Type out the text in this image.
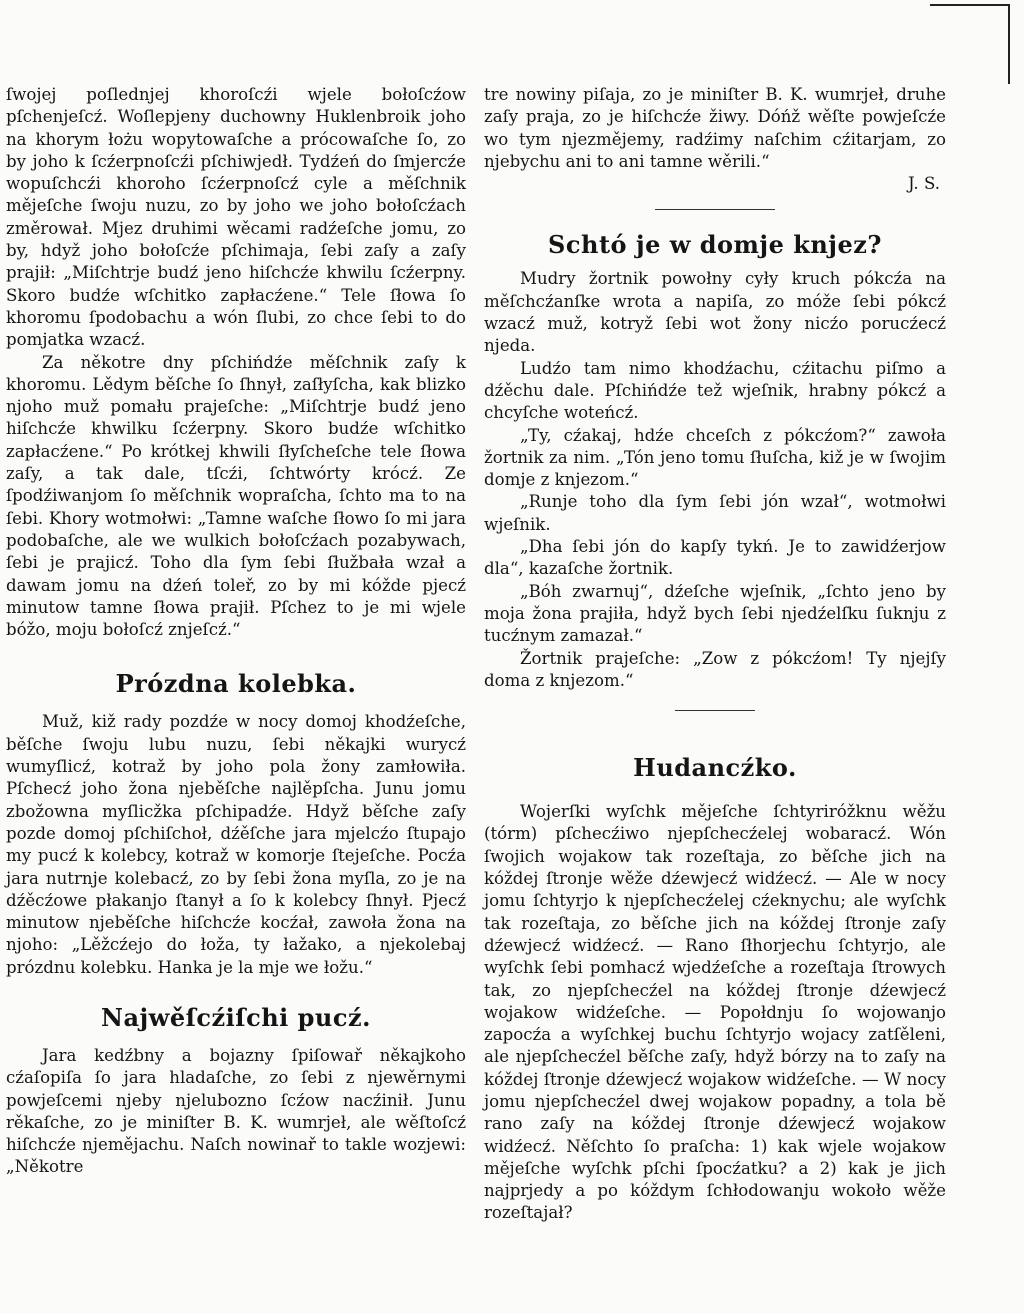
ſwojej poſlednjej khoroſcźi wjele bołoſcźow pſchenjeſcź. Woſlepjeny duchowny Huklenbroik joho na khorym łożu wopytowaſche a prócowaſche ſo, zo by joho k ſcźerpnoſcźi pſchiwjedł. Tydźeń do ſmjercźe wopuſchcźi khoroho ſcźerpnoſcź cyle a měſchnik mějeſche ſwoju nuzu, zo by joho we joho bołoſcźach změrował. Mjez druhimi wěcami radźeſche jomu, zo by, hdyž joho bołoſcźe pſchimaja, ſebi zaſy a zaſy prajił: „Miſchtrje budź jeno hiſchcźe khwilu ſcźerpny. Skoro budźe wſchitko zapłacźene.“ Tele ſłowa ſo khoromu ſpodobachu a wón ſlubi, zo chce ſebi to do pomjatka wzacź.

Za někotre dny pſchińdźe měſchnik zaſy k khoromu. Lědym běſche ſo ſhnył, zaſłyſcha, kak blizko njoho muž pomału prajeſche: „Miſchtrje budź jeno hiſchcźe khwilku ſcźerpny. Skoro budźe wſchitko zapłacźene.“ Po krótkej khwili ſłyſcheſche tele ſłowa zaſy, a tak dale, tſcźi, ſchtwórty krócź. Ze ſpodźiwanjom ſo měſchnik wopraſcha, ſchto ma to na ſebi. Khory wotmołwi: „Tamne waſche ſłowo ſo mi jara podobaſche, ale we wulkich bołoſcźach pozabywach, ſebi je prajicź. Toho dla ſym ſebi ſłužbała wzał a dawam jomu na dźeń toleř, zo by mi kóžde pjecź minutow tamne ſłowa prajił. Pſchez to je mi wjele bóžo, moju bołoſcź znjeſcź.“

Prózdna kolebka.

Muž, kiž rady pozdźe w nocy domoj khodźeſche, běſche ſwoju lubu nuzu, ſebi někajki wurycź wumyſlicź, kotraž by joho pola žony zamłowiła. Pſchecź joho žona njeběſche najlěpſcha. Junu jomu zbožowna myſlicžka pſchipadźe. Hdyž běſche zaſy pozde domoj pſchiſchoł, dźěſche jara mjelcźo ſtupajo my pucź k kolebcy, kotraž w komorje ſtejeſche. Pocźa jara nutrnje kolebacź, zo by ſebi žona myſla, zo je na dźěcźowe płakanjo ſtanył a ſo k kolebcy ſhnył. Pjecź minutow njeběſche hiſchcźe kocźał, zawoła žona na njoho: „Lěžcźejo do łoža, ty łažako, a njekolebaj prózdnu kolebku. Hanka je la mje we łožu.“

Najwěſcźiſchi pucź.

Jara kedźbny a bojazny ſpiſowař někajkoho cźaſopiſa ſo jara hladaſche, zo ſebi z njewěrnymi powjeſcemi njeby njelubozno ſcźow nacźinił. Junu rěkaſche, zo je miniſter B. K. wumrjeł, ale wěſtoſcź hiſchcźe njemějachu. Naſch nowinař to takle wozjewi: „Někotre

tre nowiny piſaja, zo je miniſter B. K. wumrjeł, druhe zaſy praja, zo je hiſchcźe žiwy. Dóńž wěſte powjeſcźe wo tym njezmějemy, radźimy naſchim cźitarjam, zo njebychu ani to ani tamne wěrili.“

J. S.

Schtó je w domje knjez?

Mudry žortnik powołny cyły kruch pókcźa na měſchcźanſke wrota a napiſa, zo móže ſebi pókcź wzacź muž, kotryž ſebi wot žony nicźo porucźecź njeda.

Ludźo tam nimo khodźachu, cźitachu piſmo a dźěchu dale. Pſchińdźe tež wjeſnik, hrabny pókcź a chcyſche woteńcź.

„Ty, cźakaj, hdźe chceſch z pókcźom?“ zawoła žortnik za nim. „Tón jeno tomu ſłuſcha, kiž je w ſwojim domje z knjezom.“

„Runje toho dla ſym ſebi jón wzał“, wotmołwi wjeſnik.

„Dha ſebi jón do kapſy tykń. Je to zawidźerjow dla“, kazaſche žortnik.

„Bóh zwarnuj“, dźeſche wjeſnik, „ſchto jeno by moja žona prajiła, hdyž bych ſebi njedźelſku ſuknju z tucźnym zamazał.“

Žortnik prajeſche: „Zow z pókcźom! Ty njejſy doma z knjezom.“

Hudancźko.

Wojerſki wyſchk mějeſche ſchtyriróžknu wěžu (tórm) pſchecźiwo njepſchecźelej wobaracź. Wón ſwojich wojakow tak rozeſtaja, zo běſche jich na kóždej ſtronje wěže dźewjecź widźecź. — Ale w nocy jomu ſchtyrjo k njepſchecźelej cźeknychu; ale wyſchk tak rozeſtaja, zo běſche jich na kóždej ſtronje zaſy dźewjecź widźecź. — Rano ſłhorjechu ſchtyrjo, ale wyſchk ſebi pomhacź wjedźeſche a rozeſtaja ſtrowych tak, zo njepſchecźel na kóždej ſtronje dźewjecź wojakow widźeſche. — Popołdnju ſo wojowanjo zapocźa a wyſchkej buchu ſchtyrjo wojacy zatſěleni, ale njepſchecźel běſche zaſy, hdyž bórzy na to zaſy na kóždej ſtronje dźewjecź wojakow widźeſche. — W nocy jomu njepſchecźel dwej wojakow popadny, a tola bě rano zaſy na kóždej ſtronje dźewjecź wojakow widźecź. Něſchto ſo praſcha: 1) kak wjele wojakow mějeſche wyſchk pſchi ſpocźatku? a 2) kak je jich najprjedy a po kóždym ſchłodowanju wokoło wěže rozeſtajał?
